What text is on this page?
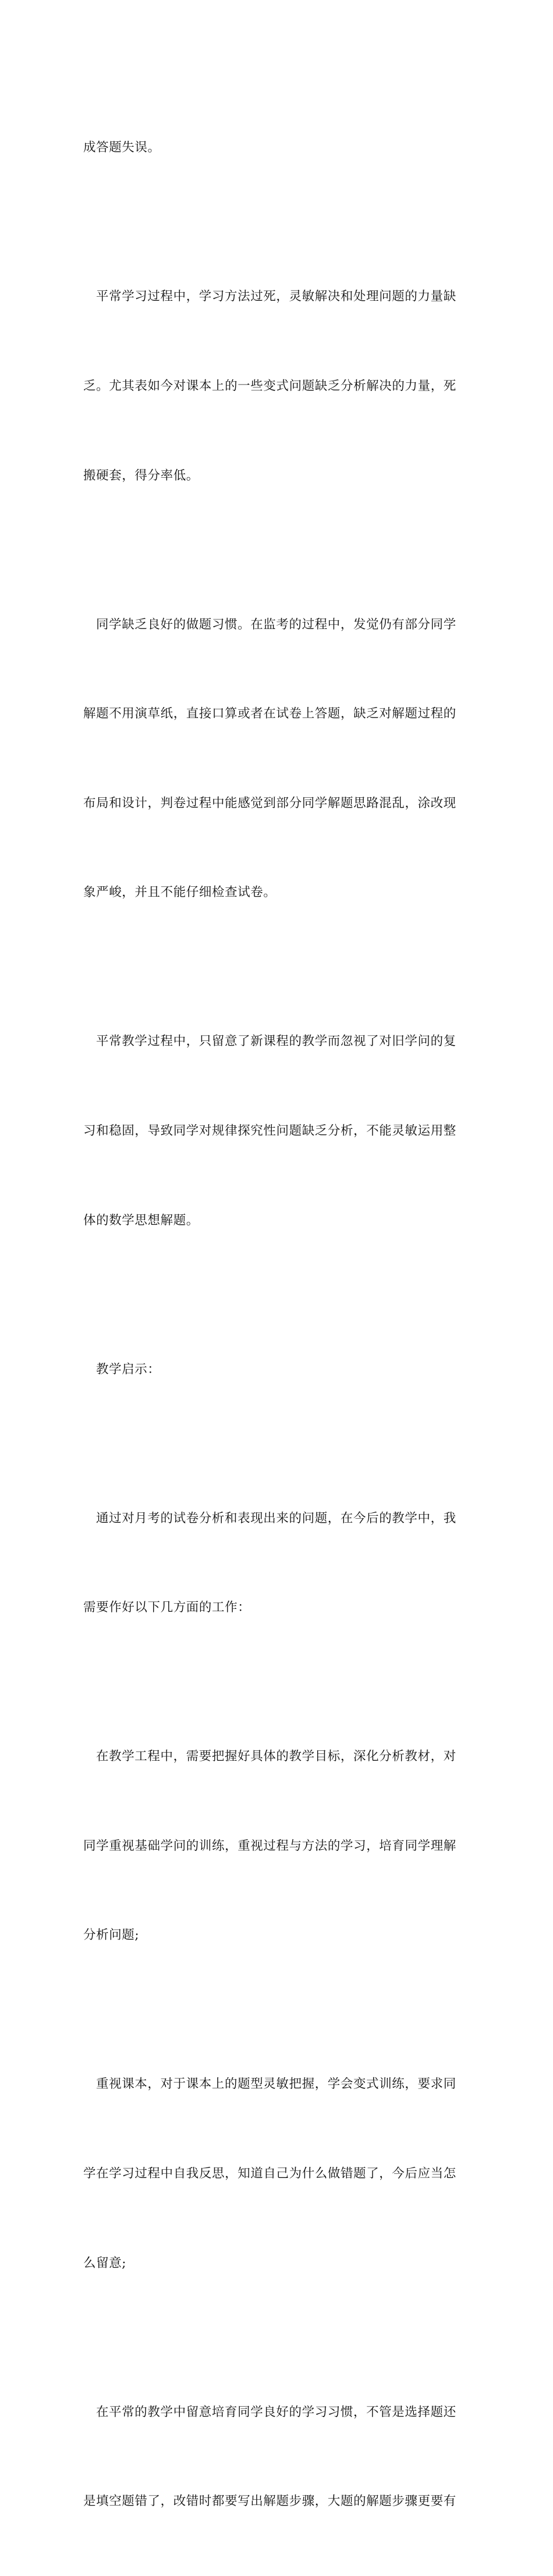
成答题失误。

平常学习过程中，学习方法过死，灵敏解决和处理问题的力量缺

乏。尤其表如今对课本上的一些变式问题缺乏分析解决的力量，死

搬硬套，得分率低。

同学缺乏良好的做题习惯。在监考的过程中，发觉仍有部分同学

解题不用演草纸，直接口算或者在试卷上答题，缺乏对解题过程的

布局和设计，判卷过程中能感觉到部分同学解题思路混乱，涂改现

象严峻，并且不能仔细检查试卷。

平常教学过程中，只留意了新课程的教学而忽视了对旧学问的复

习和稳固，导致同学对规律探究性问题缺乏分析，不能灵敏运用整

体的数学思想解题。

教学启示：

通过对月考的试卷分析和表现出来的问题，在今后的教学中，我

需要作好以下几方面的工作：

在教学工程中，需要把握好具体的教学目标，深化分析教材，对

同学重视基础学问的训练，重视过程与方法的学习，培育同学理解

分析问题;

重视课本，对于课本上的题型灵敏把握，学会变式训练，要求同

学在学习过程中自我反思，知道自己为什么做错题了，今后应当怎

么留意;

在平常的教学中留意培育同学良好的学习习惯，不管是选择题还

是填空题错了，改错时都要写出解题步骤，大题的解题步骤更要有
